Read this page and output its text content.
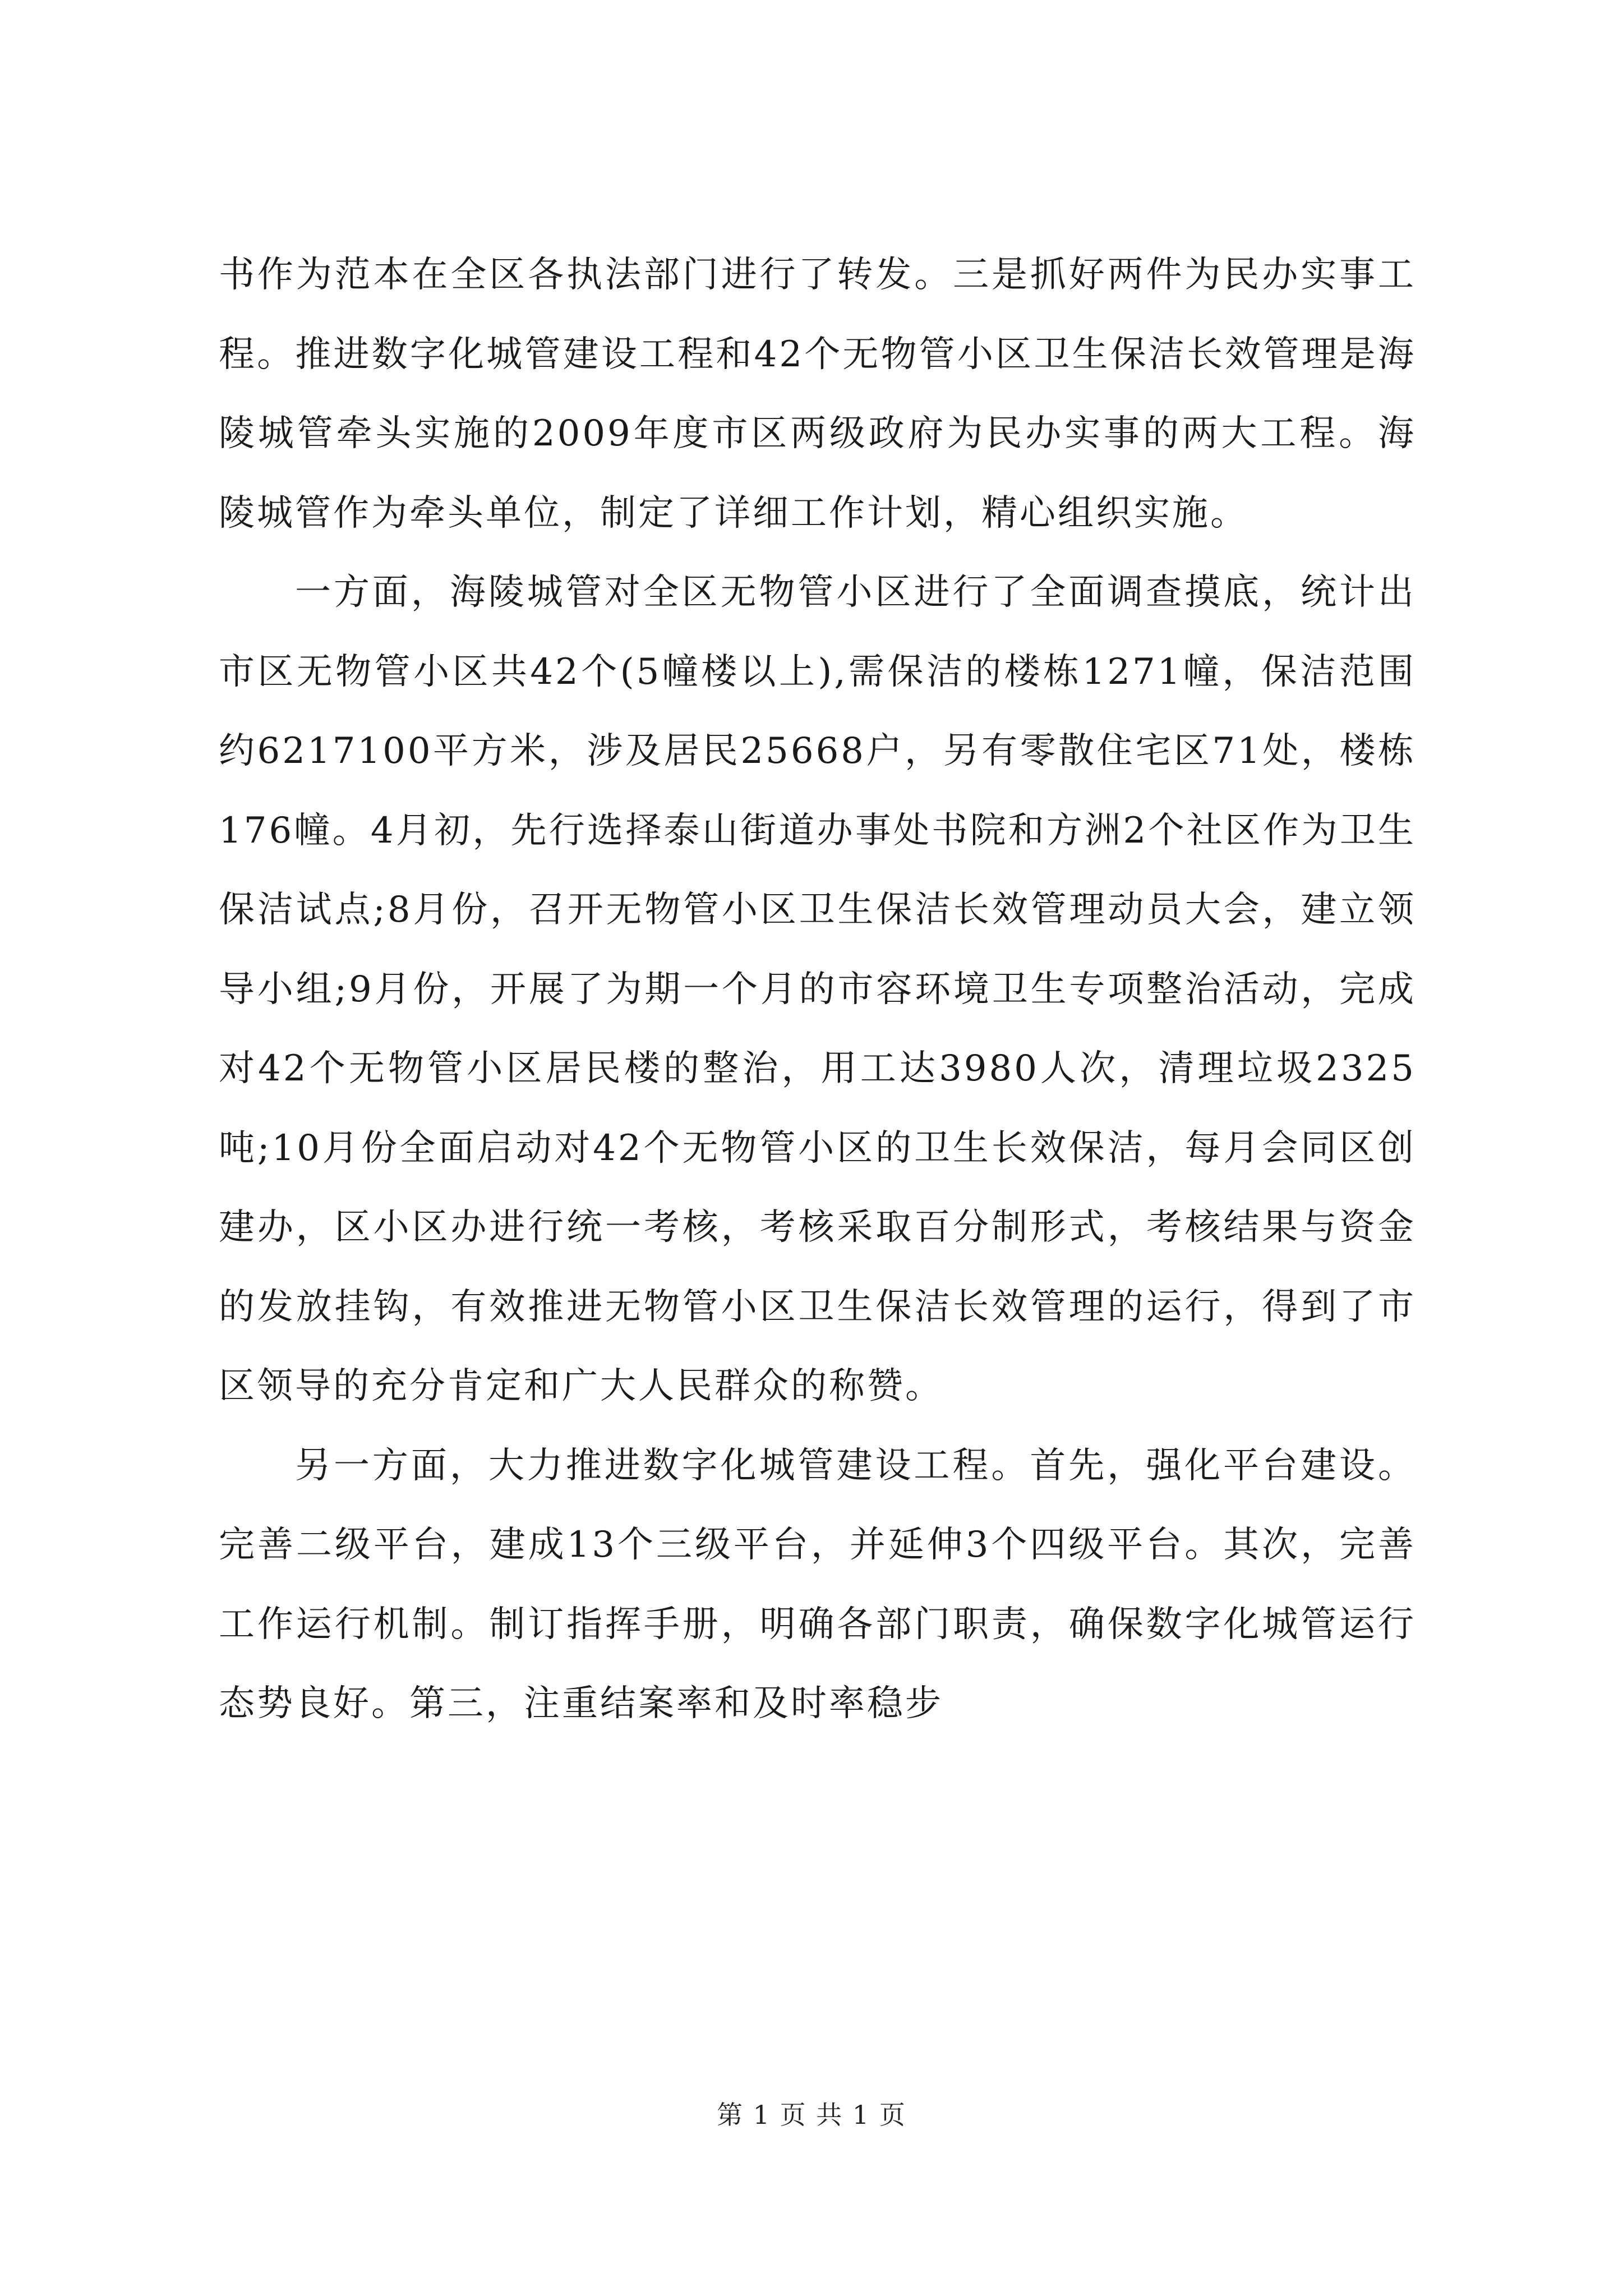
书作为范本在全区各执法部门进行了转发。三是抓好两件为民办实事工程。推进数字化城管建设工程和42个无物管小区卫生保洁长效管理是海陵城管牵头实施的2009年度市区两级政府为民办实事的两大工程。海陵城管作为牵头单位，制定了详细工作计划，精心组织实施。

一方面，海陵城管对全区无物管小区进行了全面调查摸底，统计出市区无物管小区共42个(5幢楼以上),需保洁的楼栋1271幢，保洁范围约6217100平方米，涉及居民25668户，另有零散住宅区71处，楼栋176幢。4月初，先行选择泰山街道办事处书院和方洲2个社区作为卫生保洁试点;8月份，召开无物管小区卫生保洁长效管理动员大会，建立领导小组;9月份，开展了为期一个月的市容环境卫生专项整治活动，完成对42个无物管小区居民楼的整治，用工达3980人次，清理垃圾2325吨;10月份全面启动对42个无物管小区的卫生长效保洁，每月会同区创建办，区小区办进行统一考核，考核采取百分制形式，考核结果与资金的发放挂钩，有效推进无物管小区卫生保洁长效管理的运行，得到了市区领导的充分肯定和广大人民群众的称赞。

另一方面，大力推进数字化城管建设工程。首先，强化平台建设。完善二级平台，建成13个三级平台，并延伸3个四级平台。其次，完善工作运行机制。制订指挥手册，明确各部门职责，确保数字化城管运行态势良好。第三，注重结案率和及时率稳步

第 1 页 共 1 页
